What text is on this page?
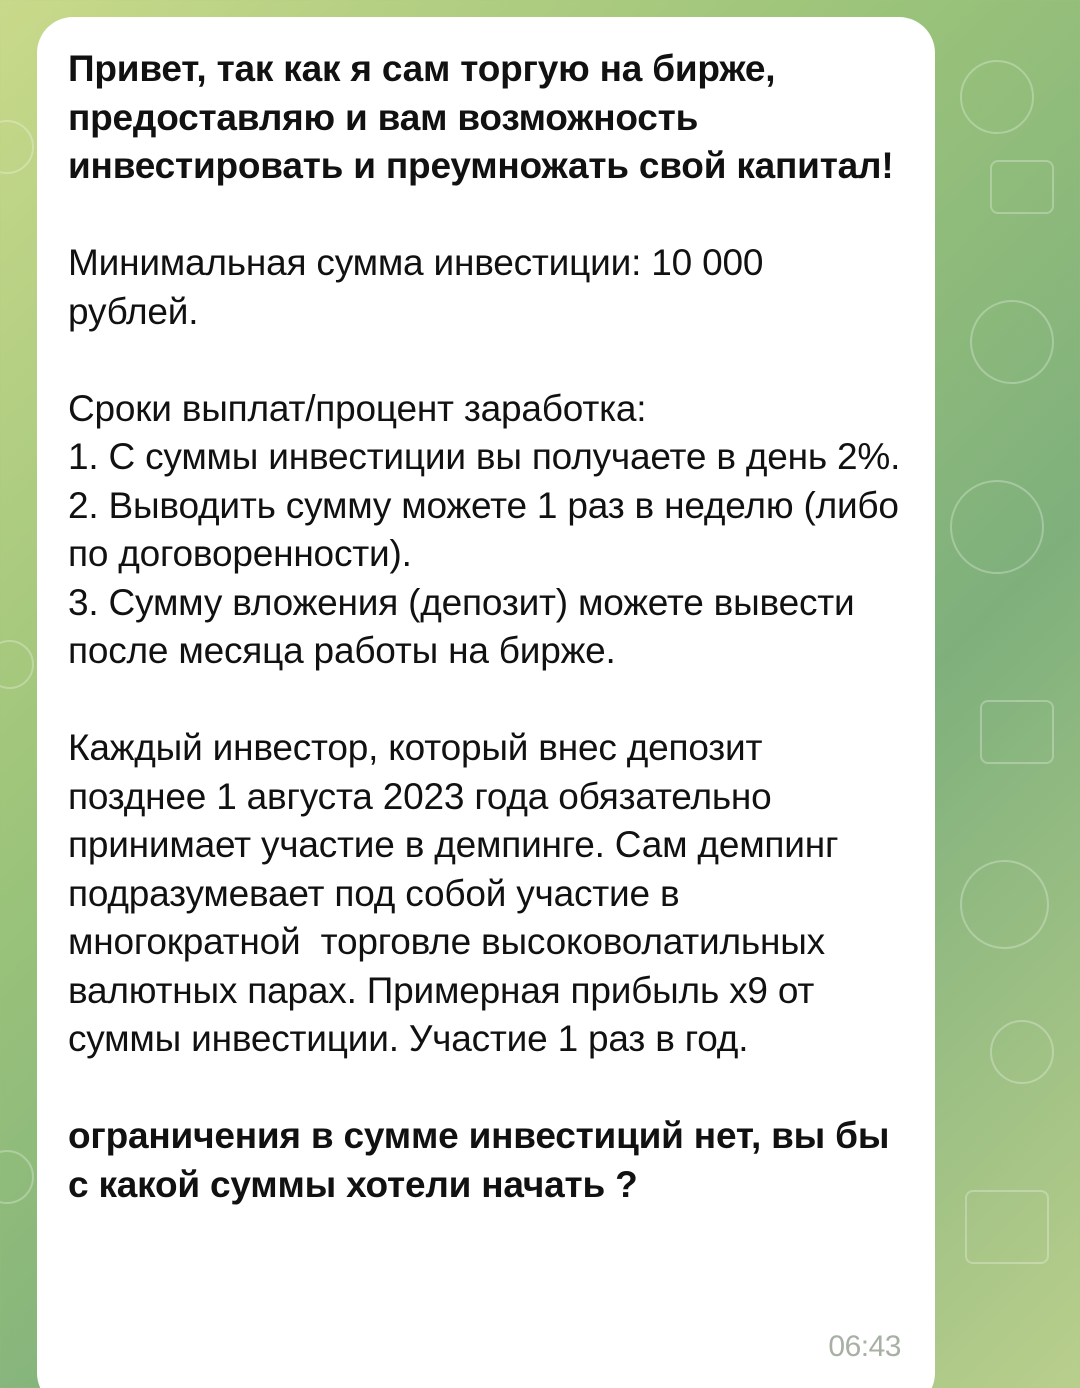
Привет, так как я сам торгую на бирже, предоставляю и вам возможность инвестировать и преумножать свой капитал!

Минимальная сумма инвестиции: 10 000 рублей.

Сроки выплат/процент заработка:

1. С суммы инвестиции вы получаете в день 2%.

2. Выводить сумму можете 1 раз в неделю (либо по договоренности).

3. Сумму вложения (депозит) можете вывести после месяца работы на бирже.

Каждый инвестор, который внес депозит позднее 1 августа 2023 года обязательно принимает участие в демпинге. Сам демпинг подразумевает под собой участие в многократной  торговле высоковолатильных валютных парах. Примерная прибыль х9 от суммы инвестиции. Участие 1 раз в год.

ограничения в сумме инвестиций нет, вы бы с какой суммы хотели начать ?

06:43
